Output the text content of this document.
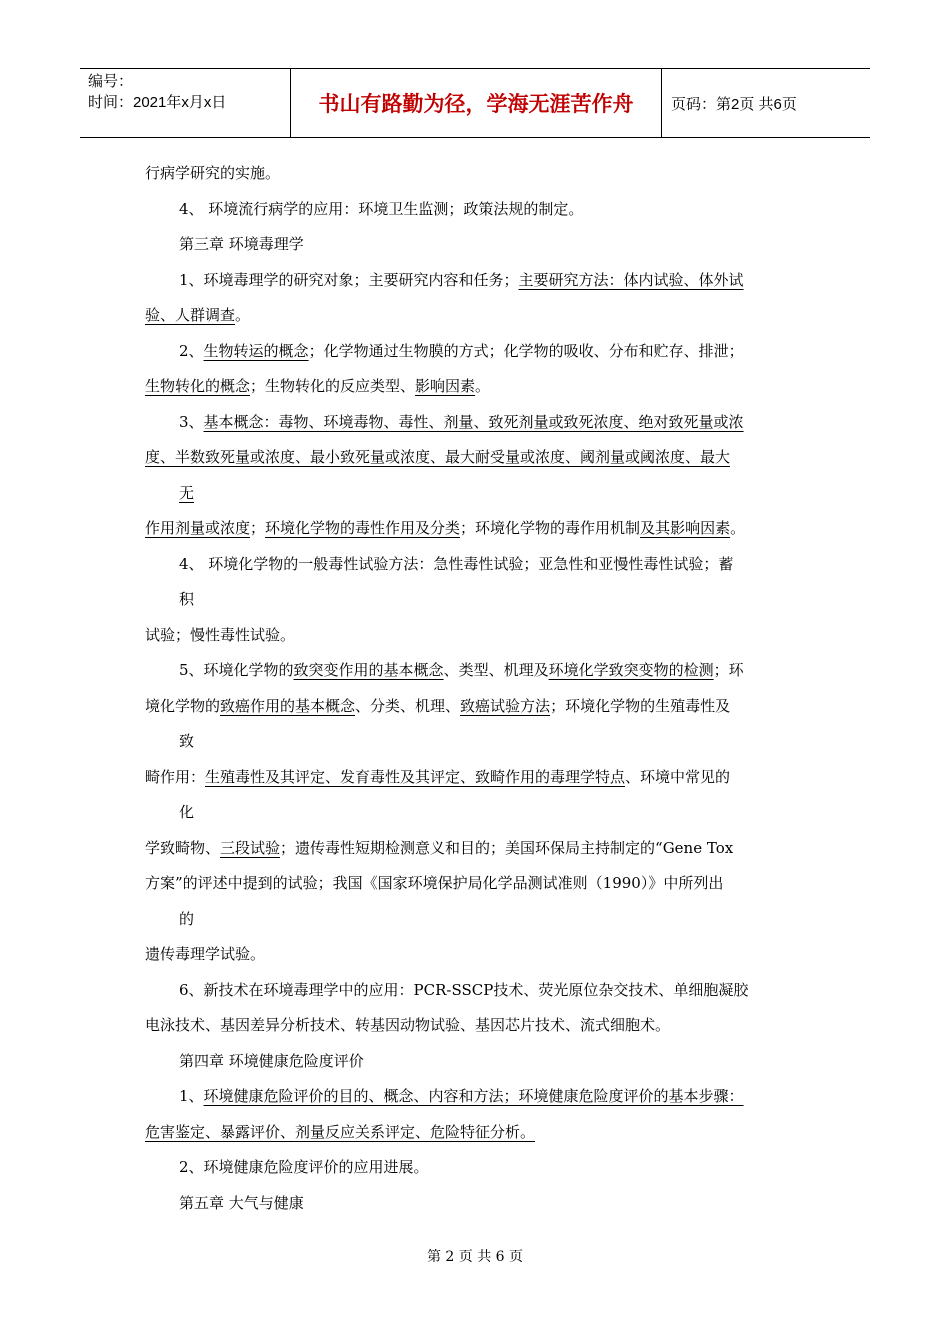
编号：
时间：2021年x月x日	书山有路勤为径，学海无涯苦作舟	页码：第2页 共6页
行病学研究的实施。
4、 环境流行病学的应用：环境卫生监测；政策法规的制定。
第三章 环境毒理学
1、环境毒理学的研究对象；主要研究内容和任务；主要研究方法：体内试验、体外试
验、人群调查。
2、生物转运的概念；化学物通过生物膜的方式；化学物的吸收、分布和贮存、排泄；
生物转化的概念；生物转化的反应类型、影响因素。
3、基本概念：毒物、环境毒物、毒性、剂量、致死剂量或致死浓度、绝对致死量或浓
度、半数致死量或浓度、最小致死量或浓度、最大耐受量或浓度、阈剂量或阈浓度、最大
无
作用剂量或浓度；环境化学物的毒性作用及分类；环境化学物的毒作用机制及其影响因素。
4、 环境化学物的一般毒性试验方法：急性毒性试验；亚急性和亚慢性毒性试验；蓄
积
试验；慢性毒性试验。
5、环境化学物的致突变作用的基本概念、类型、机理及环境化学致突变物的检测；环
境化学物的致癌作用的基本概念、分类、机理、致癌试验方法；环境化学物的生殖毒性及
致
畸作用：生殖毒性及其评定、发育毒性及其评定、致畸作用的毒理学特点、环境中常见的
化
学致畸物、三段试验；遗传毒性短期检测意义和目的；美国环保局主持制定的“Gene Tox
方案”的评述中提到的试验；我国《国家环境保护局化学品测试准则（1990）》中所列出
的
遗传毒理学试验。
6、新技术在环境毒理学中的应用：PCR-SSCP技术、荧光原位杂交技术、单细胞凝胶
电泳技术、基因差异分析技术、转基因动物试验、基因芯片技术、流式细胞术。
第四章 环境健康危险度评价
1、环境健康危险评价的目的、概念、内容和方法；环境健康危险度评价的基本步骤：
危害鉴定、暴露评价、剂量反应关系评定、危险特征分析。
2、环境健康危险度评价的应用进展。
第五章 大气与健康
第 2 页 共 6 页
